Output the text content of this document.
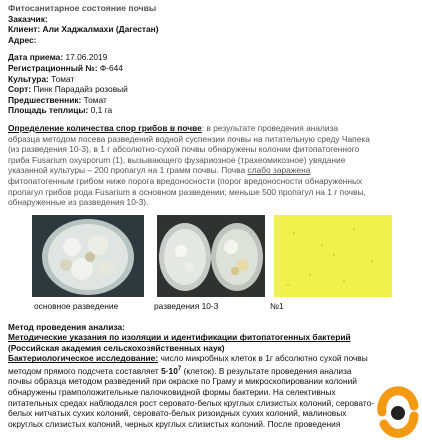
Фитосанитарное состояние почвы
Заказчик:
Клиент: Али Хаджалмахи (Дагестан)
Адрес:
Дата приема: 17.06.2019
Регистрационный №: Ф-644
Культура: Томат
Сорт: Пинк Парадайз розовый
Предшественник: Томат
Площадь теплицы: 0,1 га
Определение количества спор грибов в почве: в результате проведения анализа
образца методом посева разведений водной суспензии почвы на питательную среду Чапека
(из разведения 10-3), в 1 г абсолютно-сухой почвы обнаружены колонии фитопатогенного
гриба Fusarium oxysporum (1), вызывающего фузариозное (трахеомикозное) увядание
указанной культуры – 200 пропагул на 1 грамм почвы. Почва слабо заражена
фитопатогенным грибом ниже порога вредоносности (порог вредоносности обнаруженных
пропагул грибов рода Fusarium в основном разведении; меньше 500 пропагул на 1 г почвы,
обнаруженные из разведения 10-3).
основное разведение	разведения 10-3	№1
Метод проведения анализа:
Методические указания по изоляции и идентификации фитопатогенных бактерий
(Российская академия сельскохозяйственных наук)
Бактериологическое исследование: число микробных клеток в 1г абсолютно сухой почвы
методом прямого подсчета составляет $5\cdot 10^7$ (клеток). В результате проведения анализа
почвы образца методом разведений при окраске по Граму и микроскопировании колоний
обнаружены грамположительные палочковидной формы бактерии. На селективных
питательных средах наблюдался рост серовато-белых круглых слизистых колоний, серовато-
белых нитчатых сухих колоний, серовато-белых ризоидных сухих колоний, малиновых
округлых слизистых колоний, черных круглых слизистых колоний. После проведения
